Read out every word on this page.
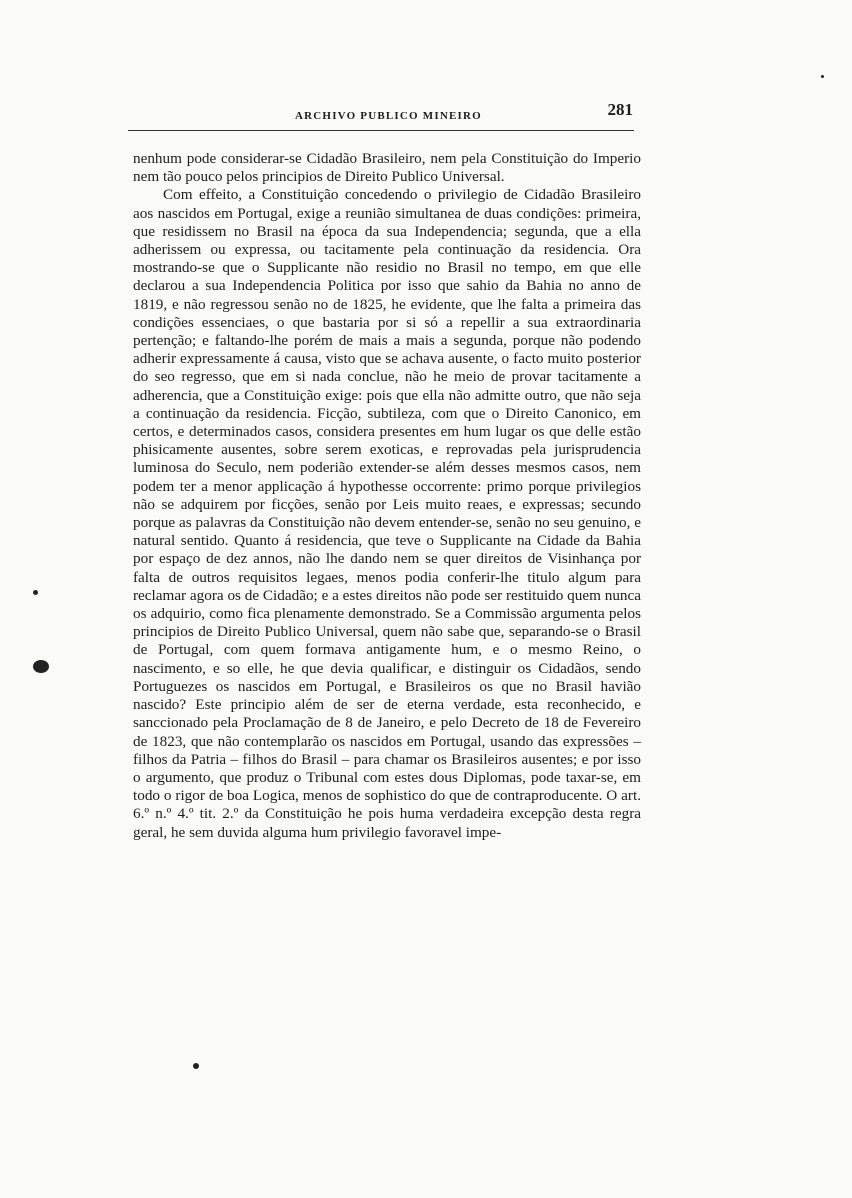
ARCHIVO PUBLICO MINEIRO	281

nenhum pode considerar-se Cidadão Brasileiro, nem pela Constituição do Imperio nem tão pouco pelos principios de Direito Publico Universal.

Com effeito, a Constituição concedendo o privilegio de Cidadão Brasileiro aos nascidos em Portugal, exige a reunião simultanea de duas condições: primeira, que residissem no Brasil na época da sua Independencia; segunda, que a ella adherissem ou expressa, ou tacitamente pela continuação da residencia. Ora mostrando-se que o Supplicante não residio no Brasil no tempo, em que elle declarou a sua Independencia Politica por isso que sahio da Bahia no anno de 1819, e não regressou senão no de 1825, he evidente, que lhe falta a primeira das condições essenciaes, o que bastaria por si só a repellir a sua extraordinaria pertenção; e faltando-lhe porém de mais a mais a segunda, porque não podendo adherir expressamente á causa, visto que se achava ausente, o facto muito posterior do seo regresso, que em si nada conclue, não he meio de provar tacitamente a adherencia, que a Constituição exige: pois que ella não admitte outro, que não seja a continuação da residencia. Ficção, subtileza, com que o Direito Canonico, em certos, e determinados casos, considera presentes em hum lugar os que delle estão phisicamente ausentes, sobre serem exoticas, e reprovadas pela jurisprudencia luminosa do Seculo, nem poderião extender-se além desses mesmos casos, nem podem ter a menor applicação á hypothesse occorrente: primo porque privilegios não se adquirem por ficções, senão por Leis muito reaes, e expressas; secundo porque as palavras da Constituição não devem entender-se, senão no seu genuino, e natural sentido. Quanto á residencia, que teve o Supplicante na Cidade da Bahia por espaço de dez annos, não lhe dando nem se quer direitos de Visinhança por falta de outros requisitos legaes, menos podia conferir-lhe titulo algum para reclamar agora os de Cidadão; e a estes direitos não pode ser restituido quem nunca os adquirio, como fica plenamente demonstrado. Se a Commissão argumenta pelos principios de Direito Publico Universal, quem não sabe que, separando-se o Brasil de Portugal, com quem formava antigamente hum, e o mesmo Reino, o nascimento, e so elle, he que devia qualificar, e distinguir os Cidadãos, sendo Portuguezes os nascidos em Portugal, e Brasileiros os que no Brasil havião nascido? Este principio além de ser de eterna verdade, esta reconhecido, e sanccionado pela Proclamação de 8 de Janeiro, e pelo Decreto de 18 de Fevereiro de 1823, que não contemplarão os nascidos em Portugal, usando das expressões – filhos da Patria – filhos do Brasil – para chamar os Brasileiros ausentes; e por isso o argumento, que produz o Tribunal com estes dous Diplomas, pode taxar-se, em todo o rigor de boa Logica, menos de sophistico do que de contraproducente. O art. 6.º n.º 4.º tit. 2.º da Constituição he pois huma verdadeira excepção desta regra geral, he sem duvida alguma hum privilegio favoravel impe-
